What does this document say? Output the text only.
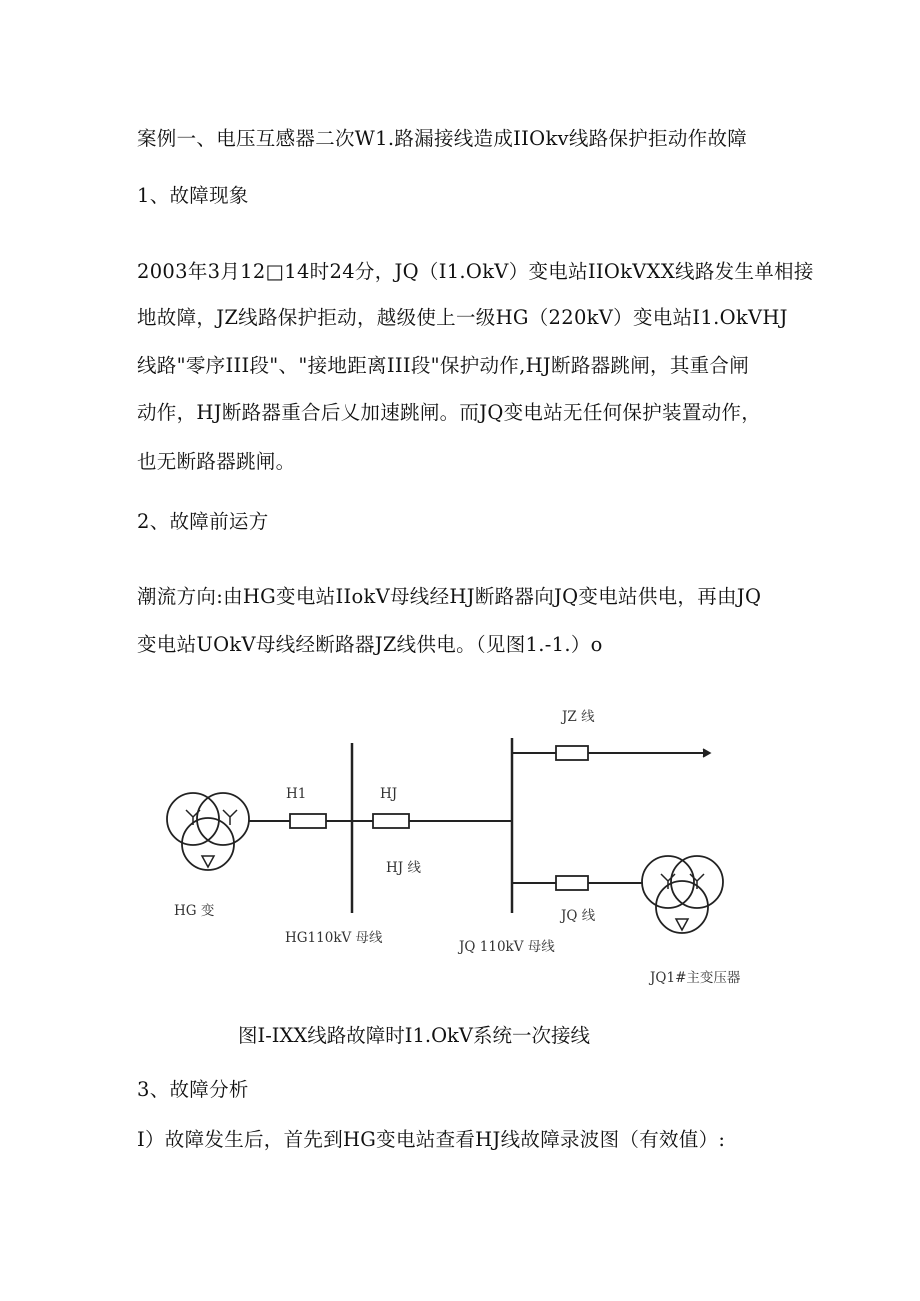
案例一、电压互感器二次W1.路漏接线造成IIOkv线路保护拒动作故障
1、故障现象
2003年3月12□14时24分，JQ（I1.OkV）变电站IIOkVXX线路发生单相接
地故障，JZ线路保护拒动，越级使上一级HG（220kV）变电站I1.OkVHJ
线路"零序III段"、"接地距离III段"保护动作,HJ断路器跳闸，其重合闸
动作，HJ断路器重合后乂加速跳闸。而JQ变电站无任何保护装置动作，
也无断路器跳闸。
2、故障前运方
潮流方向:由HG变电站IIokV母线经HJ断路器向JQ变电站供电，再由JQ
变电站UOkV母线经断路器JZ线供电。（见图1.-1.）o
JZ 线
H1	HJ
HJ 线
HG 变
HG110kV 母线
JQ 110kV 母线
JQ 线
JQ1#主变压器
图I-IXX线路故障时I1.OkV系统一次接线
3、故障分析
I）故障发生后，首先到HG变电站查看HJ线故障录波图（有效值）:
